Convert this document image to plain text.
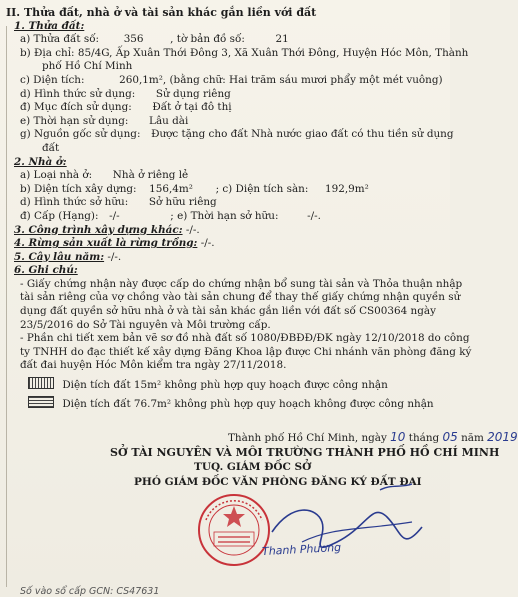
II. Thửa đất, nhà ở và tài sản khác gắn liền với đất
1. Thửa đất:
a) Thửa đất số: 356	, tờ bản đồ số:	21
b) Địa chỉ: 85/4G, Ấp Xuân Thới Đông 3, Xã Xuân Thới Đông, Huyện Hóc Môn, Thành
phố Hồ Chí Minh
c) Diện tích:	260,1m², (bằng chữ: Hai trăm sáu mươi phẩy một mét vuông)
d) Hình thức sử dụng: Sử dụng riêng
đ) Mục đích sử dụng: Đất ở tại đô thị
e) Thời hạn sử dụng: Lâu dài
g) Nguồn gốc sử dụng: Được tặng cho đất Nhà nước giao đất có thu tiền sử dụng
đất
2. Nhà ở:
a) Loại nhà ở: Nhà ở riêng lẻ
b) Diện tích xây dựng: 156,4m² ; c) Diện tích sàn: 192,9m²
d) Hình thức sở hữu: Sở hữu riêng
đ) Cấp (Hạng): -/-	; e) Thời hạn sở hữu:	-/-.
3. Công trình xây dựng khác: -/-.
4. Rừng sản xuất là rừng trồng: -/-.
5. Cây lâu năm: -/-.
6. Ghi chú:
- Giấy chứng nhận này được cấp do chứng nhận bổ sung tài sản và Thỏa thuận nhập
tài sản riêng của vợ chồng vào tài sản chung để thay thế giấy chứng nhận quyền sử
dụng đất quyền sở hữu nhà ở và tài sản khác gắn liền với đất số CS00364 ngày
23/5/2016 do Sở Tài nguyên và Môi trường cấp.
- Phần chi tiết xem bản vẽ sơ đồ nhà đất số 1080/ĐBĐĐ/ĐK ngày 12/10/2018 do công
ty TNHH do đạc thiết kế xây dựng Đăng Khoa lập được Chi nhánh văn phòng đăng ký
đất đai huyện Hóc Môn kiểm tra ngày 27/11/2018.
Diện tích đất 15m² không phù hợp quy hoạch được công nhận
Diện tích đất 76.7m² không phù hợp quy hoạch không được công nhận
Thành phố Hồ Chí Minh, ngày 10 tháng 05 năm 2019
SỞ TÀI NGUYÊN VÀ MÔI TRƯỜNG THÀNH PHỐ HỒ CHÍ MINH
TUQ. GIÁM ĐỐC SỞ
PHÓ GIÁM ĐỐC VĂN PHÒNG ĐĂNG KÝ ĐẤT ĐAI
Thanh Phương
Số vào sổ cấp GCN: CS47631
